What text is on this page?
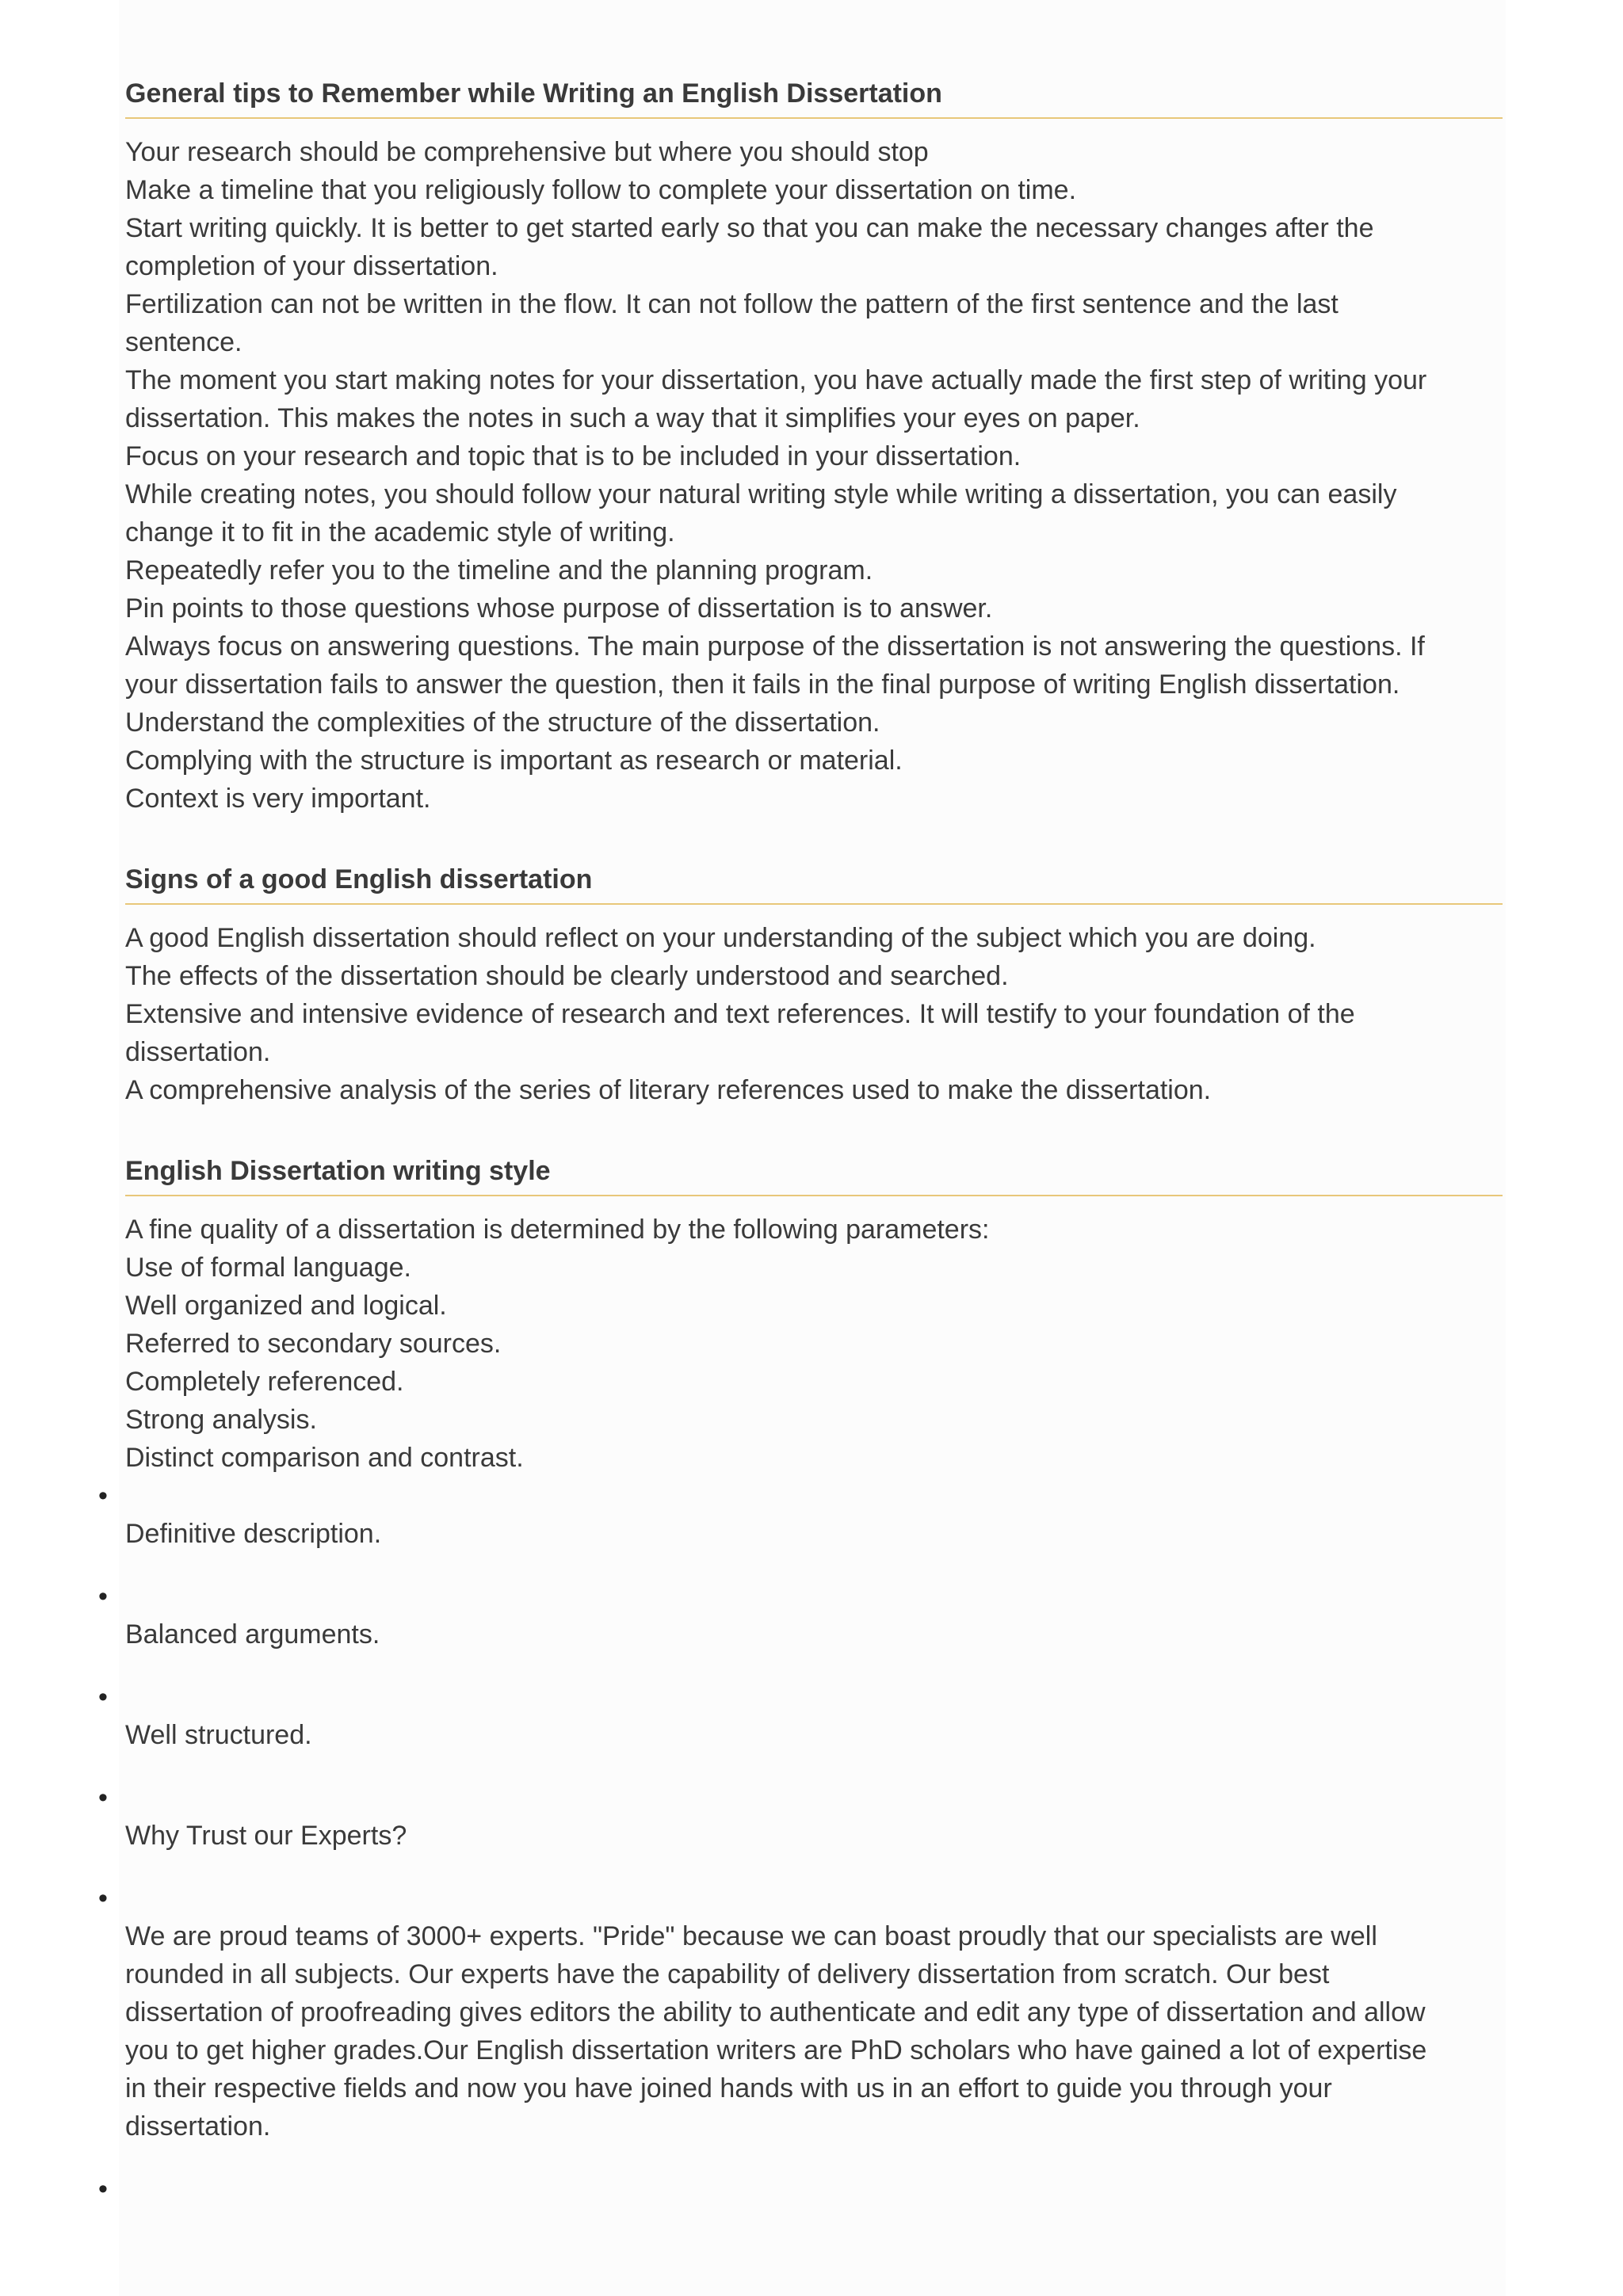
General tips to Remember while Writing an English Dissertation

Your research should be comprehensive but where you should stop

Make a timeline that you religiously follow to complete your dissertation on time.

Start writing quickly. It is better to get started early so that you can make the necessary changes after the

completion of your dissertation.

Fertilization can not be written in the flow. It can not follow the pattern of the first sentence and the last

sentence.

The moment you start making notes for your dissertation, you have actually made the first step of writing your

dissertation. This makes the notes in such a way that it simplifies your eyes on paper.

Focus on your research and topic that is to be included in your dissertation.

While creating notes, you should follow your natural writing style while writing a dissertation, you can easily

change it to fit in the academic style of writing.

Repeatedly refer you to the timeline and the planning program.

Pin points to those questions whose purpose of dissertation is to answer.

Always focus on answering questions. The main purpose of the dissertation is not answering the questions. If

your dissertation fails to answer the question, then it fails in the final purpose of writing English dissertation.

Understand the complexities of the structure of the dissertation.

Complying with the structure is important as research or material.

Context is very important.

Signs of a good English dissertation

A good English dissertation should reflect on your understanding of the subject which you are doing.

The effects of the dissertation should be clearly understood and searched.

Extensive and intensive evidence of research and text references. It will testify to your foundation of the

dissertation.

A comprehensive analysis of the series of literary references used to make the dissertation.

English Dissertation writing style

A fine quality of a dissertation is determined by the following parameters:

Use of formal language.

Well organized and logical.

Referred to secondary sources.

Completely referenced.

Strong analysis.

Distinct comparison and contrast.

•

Definitive description.

•

Balanced arguments.

•

Well structured.

•

Why Trust our Experts?

•

We are proud teams of 3000+ experts. "Pride" because we can boast proudly that our specialists are well

rounded in all subjects. Our experts have the capability of delivery dissertation from scratch. Our best

dissertation of proofreading gives editors the ability to authenticate and edit any type of dissertation and allow

you to get higher grades.Our English dissertation writers are PhD scholars who have gained a lot of expertise

in their respective fields and now you have joined hands with us in an effort to guide you through your

dissertation.

•
